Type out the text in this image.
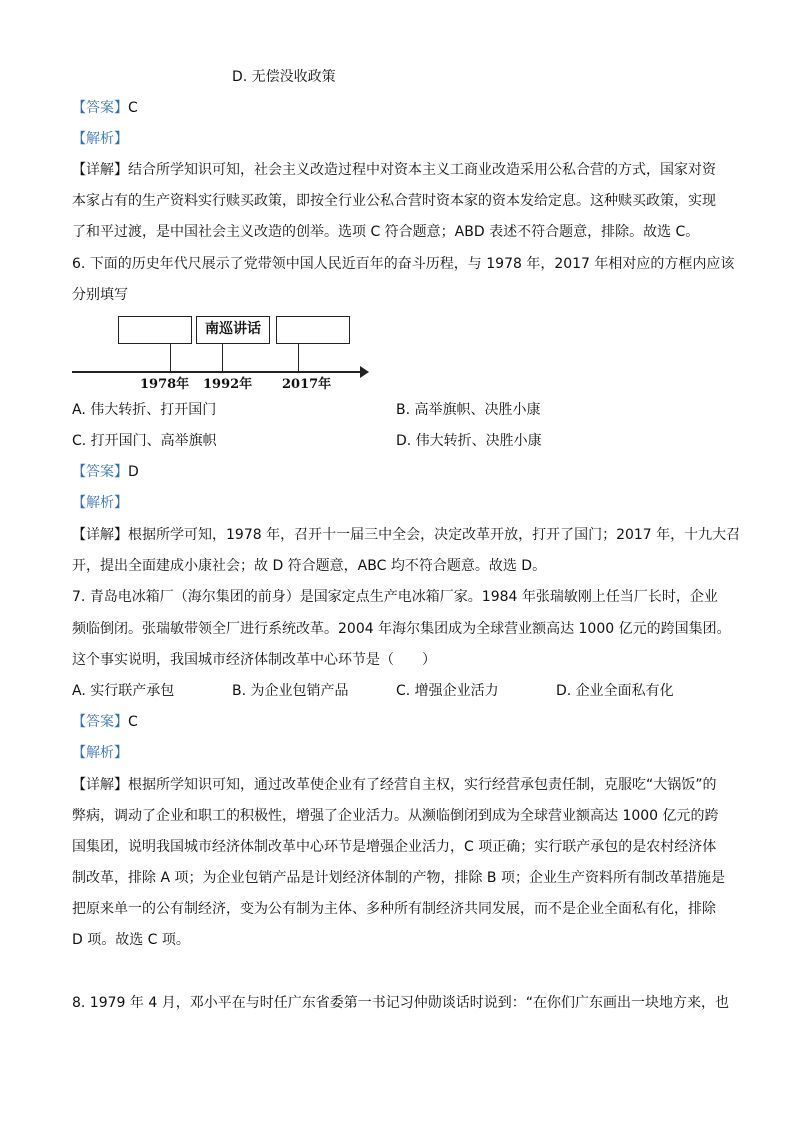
D. 无偿没收政策
【答案】C
【解析】
【详解】结合所学知识可知，社会主义改造过程中对资本主义工商业改造采用公私合营的方式，国家对资
本家占有的生产资料实行赎买政策，即按全行业公私合营时资本家的资本发给定息。这种赎买政策，实现
了和平过渡，是中国社会主义改造的创举。选项 C 符合题意；ABD 表述不符合题意，排除。故选 C。
6. 下面的历史年代尺展示了党带领中国人民近百年的奋斗历程，与 1978 年，2017 年相对应的方框内应该
分别填写
南巡讲话
1978年 1992年 2017年
A. 伟大转折、打开国门	B. 高举旗帜、决胜小康
C. 打开国门、高举旗帜	D. 伟大转折、决胜小康
【答案】D
【解析】
【详解】根据所学可知，1978 年，召开十一届三中全会，决定改革开放，打开了国门；2017 年，十九大召
开，提出全面建成小康社会；故 D 符合题意，ABC 均不符合题意。故选 D。
7. 青岛电冰箱厂（海尔集团的前身）是国家定点生产电冰箱厂家。1984 年张瑞敏刚上任当厂长时，企业
频临倒闭。张瑞敏带领全厂进行系统改革。2004 年海尔集团成为全球营业额高达 1000 亿元的跨国集团。
这个事实说明，我国城市经济体制改革中心环节是（　　）
A. 实行联产承包	B. 为企业包销产品	C. 增强企业活力	D. 企业全面私有化
【答案】C
【解析】
【详解】根据所学知识可知，通过改革使企业有了经营自主权，实行经营承包责任制，克服吃“大锅饭”的
弊病，调动了企业和职工的积极性，增强了企业活力。从濒临倒闭到成为全球营业额高达 1000 亿元的跨
国集团，说明我国城市经济体制改革中心环节是增强企业活力，C 项正确；实行联产承包的是农村经济体
制改革，排除 A 项；为企业包销产品是计划经济体制的产物，排除 B 项；企业生产资料所有制改革措施是
把原来单一的公有制经济，变为公有制为主体、多种所有制经济共同发展，而不是企业全面私有化，排除
D 项。故选 C 项。
8. 1979 年 4 月，邓小平在与时任广东省委第一书记习仲勋谈话时说到：“在你们广东画出一块地方来，也
